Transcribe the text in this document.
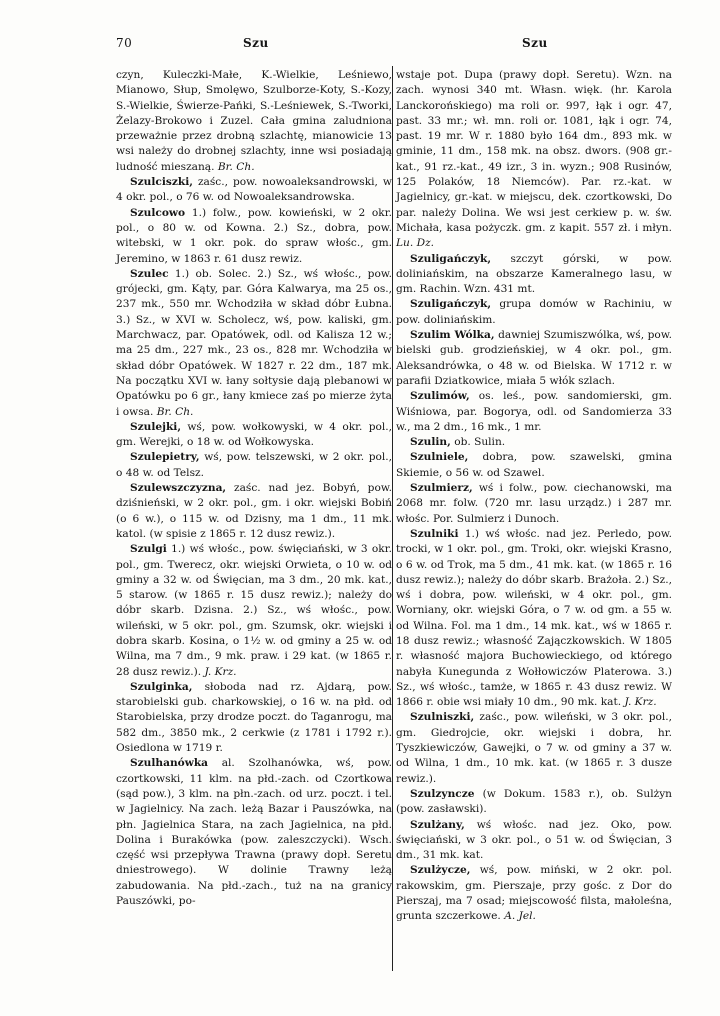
70	Szu	Szu

czyn, Kuleczki-Małe, K.-Wielkie, Leśniewo, Mianowo, Słup, Smolęwo, Szulborze-Koty, S.-Kozy, S.-Wielkie, Świerze-Pańki, S.-Leśniewek, S.-Tworki, Żelazy-Brokowo i Zuzel. Cała gmina zaludniona przeważnie przez drobną szlachtę, mianowicie 13 wsi należy do drobnej szlachty, inne wsi posiadają ludność mieszaną. Br. Ch.

Szulciszki, zaśc., pow. nowoaleksandrowski, w 4 okr. pol., o 76 w. od Nowoaleksandrowska.

Szulcowo 1.) folw., pow. kowieński, w 2 okr. pol., o 80 w. od Kowna. 2.) Sz., dobra, pow. witebski, w 1 okr. pok. do spraw włośc., gm. Jeremino, w 1863 r. 61 dusz rewiz.

Szulec 1.) ob. Solec. 2.) Sz., wś włośc., pow. grójecki, gm. Kąty, par. Góra Kalwarya, ma 25 os., 237 mk., 550 mr. Wchodziła w skład dóbr Łubna. 3.) Sz., w XVI w. Scholecz, wś, pow. kaliski, gm. Marchwacz, par. Opatówek, odl. od Kalisza 12 w.; ma 25 dm., 227 mk., 23 os., 828 mr. Wchodziła w skład dóbr Opatówek. W 1827 r. 22 dm., 187 mk. Na początku XVI w. łany sołtysie dają plebanowi w Opatówku po 6 gr., łany kmiece zaś po mierze żyta i owsa. Br. Ch.

Szulejki, wś, pow. wołkowyski, w 4 okr. pol., gm. Werejki, o 18 w. od Wołkowyska.

Szulepietry, wś, pow. telszewski, w 2 okr. pol., o 48 w. od Telsz.

Szulewszczyzna, zaśc. nad jez. Bobyń, pow. dziśnieński, w 2 okr. pol., gm. i okr. wiejski Bobiń (o 6 w.), o 115 w. od Dzisny, ma 1 dm., 11 mk. katol. (w spisie z 1865 r. 12 dusz rewiz.).

Szulgi 1.) wś włośc., pow. święciański, w 3 okr. pol., gm. Twerecz, okr. wiejski Orwieta, o 10 w. od gminy a 32 w. od Święcian, ma 3 dm., 20 mk. kat., 5 starow. (w 1865 r. 15 dusz rewiz.); należy do dóbr skarb. Dzisna. 2.) Sz., wś włośc., pow. wileński, w 5 okr. pol., gm. Szumsk, okr. wiejski i dobra skarb. Kosina, o 1½ w. od gminy a 25 w. od Wilna, ma 7 dm., 9 mk. praw. i 29 kat. (w 1865 r. 28 dusz rewiz.). J. Krz.

Szulginka, słoboda nad rz. Ajdarą, pow. starobielski gub. charkowskiej, o 16 w. na płd. od Starobielska, przy drodze poczt. do Taganrogu, ma 582 dm., 3850 mk., 2 cerkwie (z 1781 i 1792 r.). Osiedlona w 1719 r.

Szulhanówka al. Szolhanówka, wś, pow. czortkowski, 11 klm. na płd.-zach. od Czortkowa (sąd pow.), 3 klm. na płn.-zach. od urz. poczt. i tel. w Jagielnicy. Na zach. leżą Bazar i Pauszówka, na płn. Jagielnica Stara, na zach Jagielnica, na płd. Dolina i Burakówka (pow. zaleszczycki). Wsch. część wsi przepływa Trawna (prawy dopł. Seretu dniestrowego). W dolinie Trawny leżą zabudowania. Na płd.-zach., tuż na na granicy Pauszówki, po-

wstaje pot. Dupa (prawy dopł. Seretu). Wzn. na zach. wynosi 340 mt. Własn. więk. (hr. Karola Lanckorońskiego) ma roli or. 997, łąk i ogr. 47, past. 33 mr.; wł. mn. roli or. 1081, łąk i ogr. 74, past. 19 mr. W r. 1880 było 164 dm., 893 mk. w gminie, 11 dm., 158 mk. na obsz. dwors. (908 gr.-kat., 91 rz.-kat., 49 izr., 3 in. wyzn.; 908 Rusinów, 125 Polaków, 18 Niemców). Par. rz.-kat. w Jagielnicy, gr.-kat. w miejscu, dek. czortkowski, Do par. należy Dolina. We wsi jest cerkiew p. w. św. Michała, kasa pożyczk. gm. z kapit. 557 zł. i młyn. Lu. Dz.

Szuligańczyk, szczyt górski, w pow. doliniańskim, na obszarze Kameralnego lasu, w gm. Rachin. Wzn. 431 mt.

Szuligańczyk, grupa domów w Rachiniu, w pow. doliniańskim.

Szulim Wólka, dawniej Szumiszwólka, wś, pow. bielski gub. grodzieńskiej, w 4 okr. pol., gm. Aleksandrówka, o 48 w. od Bielska. W 1712 r. w parafii Dziatkowice, miała 5 włók szlach.

Szulimów, os. leś., pow. sandomierski, gm. Wiśniowa, par. Bogorya, odl. od Sandomierza 33 w., ma 2 dm., 16 mk., 1 mr.

Szulin, ob. Sulin.

Szulniele, dobra, pow. szawelski, gmina Skiemie, o 56 w. od Szawel.

Szulmierz, wś i folw., pow. ciechanowski, ma 2068 mr. folw. (720 mr. lasu urządz.) i 287 mr. włośc. Por. Sulmierz i Dunoch.

Szulniki 1.) wś włośc. nad jez. Perledo, pow. trocki, w 1 okr. pol., gm. Troki, okr. wiejski Krasno, o 6 w. od Trok, ma 5 dm., 41 mk. kat. (w 1865 r. 16 dusz rewiz.); należy do dóbr skarb. Brażoła. 2.) Sz., wś i dobra, pow. wileński, w 4 okr. pol., gm. Worniany, okr. wiejski Góra, o 7 w. od gm. a 55 w. od Wilna. Fol. ma 1 dm., 14 mk. kat., wś w 1865 r. 18 dusz rewiz.; własność Zajączkowskich. W 1805 r. własność majora Buchowieckiego, od którego nabyła Kunegunda z Wołłowiczów Platerowa. 3.) Sz., wś włośc., tamże, w 1865 r. 43 dusz rewiz. W 1866 r. obie wsi miały 10 dm., 90 mk. kat. J. Krz.

Szulniszki, zaśc., pow. wileński, w 3 okr. pol., gm. Giedrojcie, okr. wiejski i dobra, hr. Tyszkiewiczów, Gawejki, o 7 w. od gminy a 37 w. od Wilna, 1 dm., 10 mk. kat. (w 1865 r. 3 dusze rewiz.).

Szulzyncze (w Dokum. 1583 r.), ob. Sulżyn (pow. zasławski).

Szulżany, wś włośc. nad jez. Oko, pow. święciański, w 3 okr. pol., o 51 w. od Święcian, 3 dm., 31 mk. kat.

Szulżycze, wś, pow. miński, w 2 okr. pol. rakowskim, gm. Pierszaje, przy gośc. z Dor do Pierszaj, ma 7 osad; miejscowość filsta, małoleśna, grunta szczerkowe. A. Jel.
